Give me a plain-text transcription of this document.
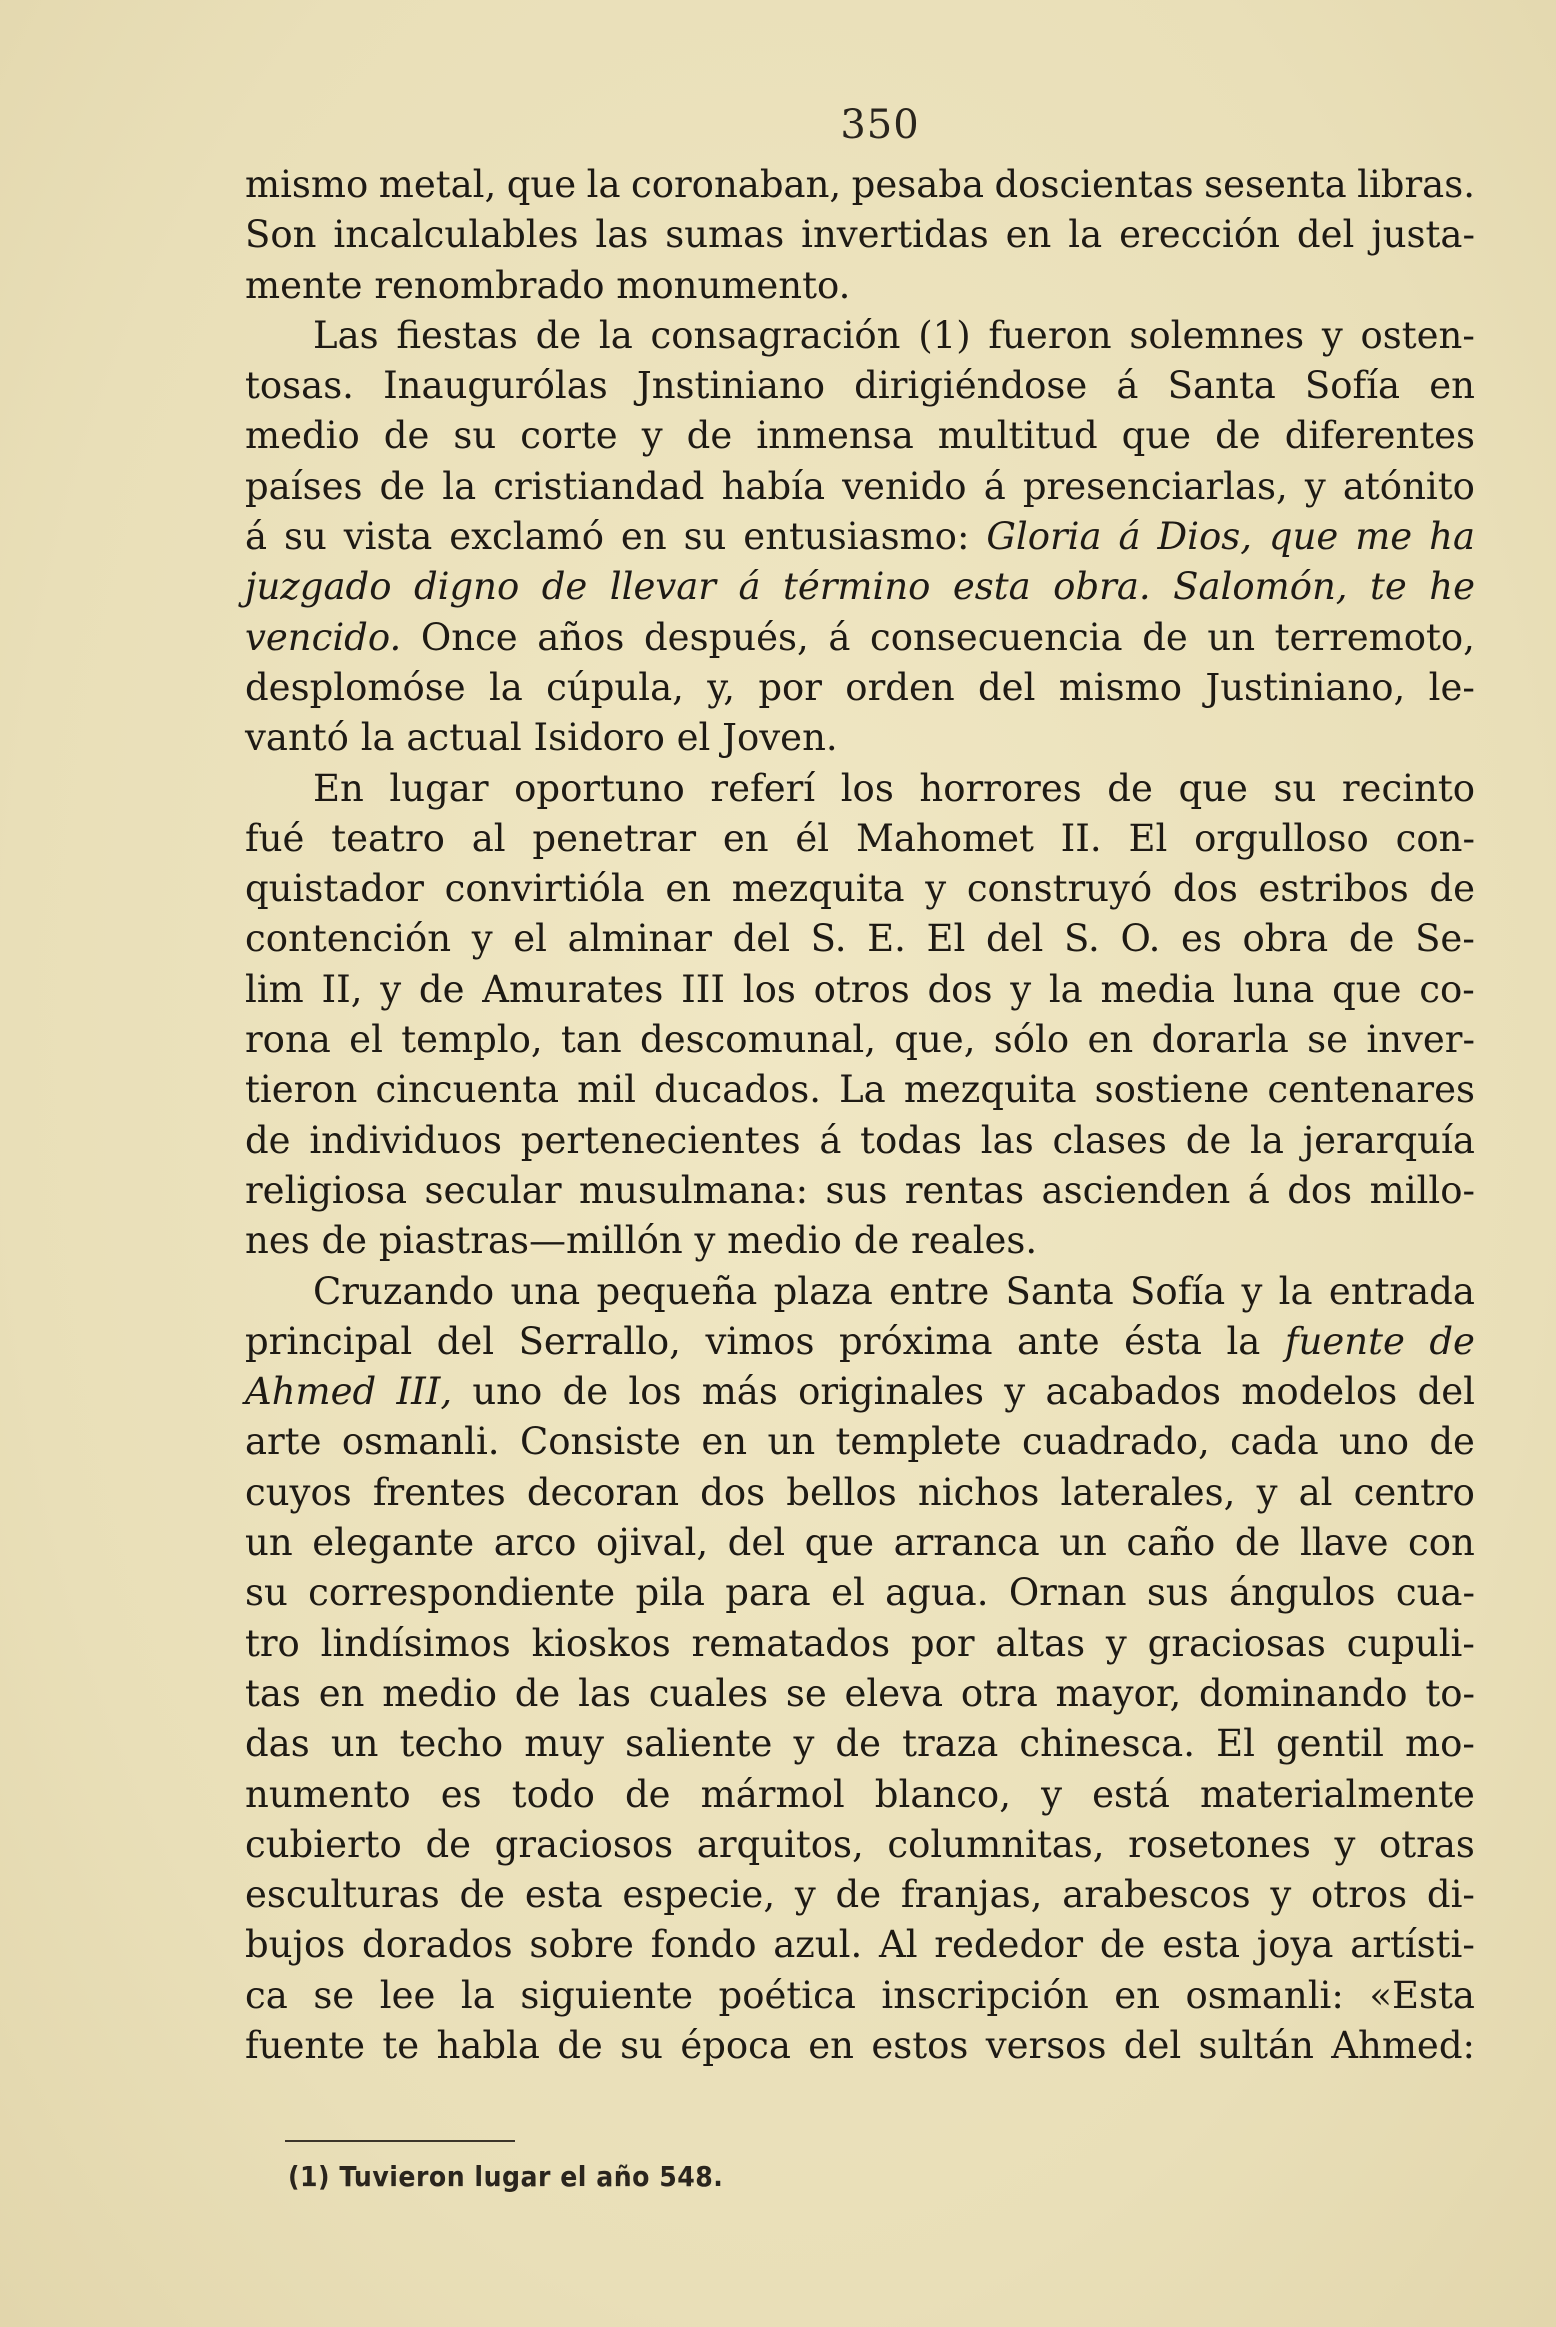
350
mismo metal, que la coronaban, pesaba doscientas sesenta libras.
Son incalculables las sumas invertidas en la erección del justa-
mente
renombrado
monumento.
Las fiestas de la consagración (1) fueron solemnes y osten-
tosas. Inaugurólas Jnstiniano dirigiéndose á Santa Sofía en
medio de su corte y de inmensa multitud que de diferentes
países de la cristiandad había venido á presenciarlas, y atónito
á su vista exclamó en su entusiasmo: Gloria á Dios, que me ha
juzgado digno de llevar á término esta obra. Salomón, te he
vencido. Once años después, á consecuencia de un terremoto,
desplomóse la cúpula, y, por orden del mismo Justiniano, le-
vantó
la
actual
Isidoro
el
Joven.
En lugar oportuno referí los horrores de que su recinto
fué teatro al penetrar en él Mahomet II. El orgulloso con-
quistador convirtióla en mezquita y construyó dos estribos de
contención y el alminar del S. E. El del S. O. es obra de Se-
lim II, y de Amurates III los otros dos y la media luna que co-
rona el templo, tan descomunal, que, sólo en dorarla se inver-
tieron cincuenta mil ducados. La mezquita sostiene centenares
de individuos pertenecientes á todas las clases de la jerarquía
religiosa secular musulmana: sus rentas ascienden á dos millo-
nes
de
piastras—millón
y
medio
de
reales.
Cruzando una pequeña plaza entre Santa Sofía y la entrada
principal del Serrallo, vimos próxima ante ésta la fuente de
Ahmed III, uno de los más originales y acabados modelos del
arte osmanli. Consiste en un templete cuadrado, cada uno de
cuyos frentes decoran dos bellos nichos laterales, y al centro
un elegante arco ojival, del que arranca un caño de llave con
su correspondiente pila para el agua. Ornan sus ángulos cua-
tro lindísimos kioskos rematados por altas y graciosas cupuli-
tas en medio de las cuales se eleva otra mayor, dominando to-
das un techo muy saliente y de traza chinesca. El gentil mo-
numento es todo de mármol blanco, y está materialmente
cubierto de graciosos arquitos, columnitas, rosetones y otras
esculturas de esta especie, y de franjas, arabescos y otros di-
bujos dorados sobre fondo azul. Al rededor de esta joya artísti-
ca se lee la siguiente poética inscripción en osmanli: «Esta
fuente te habla de su época en estos versos del sultán Ahmed:
(1) Tuvieron lugar el año 548.
